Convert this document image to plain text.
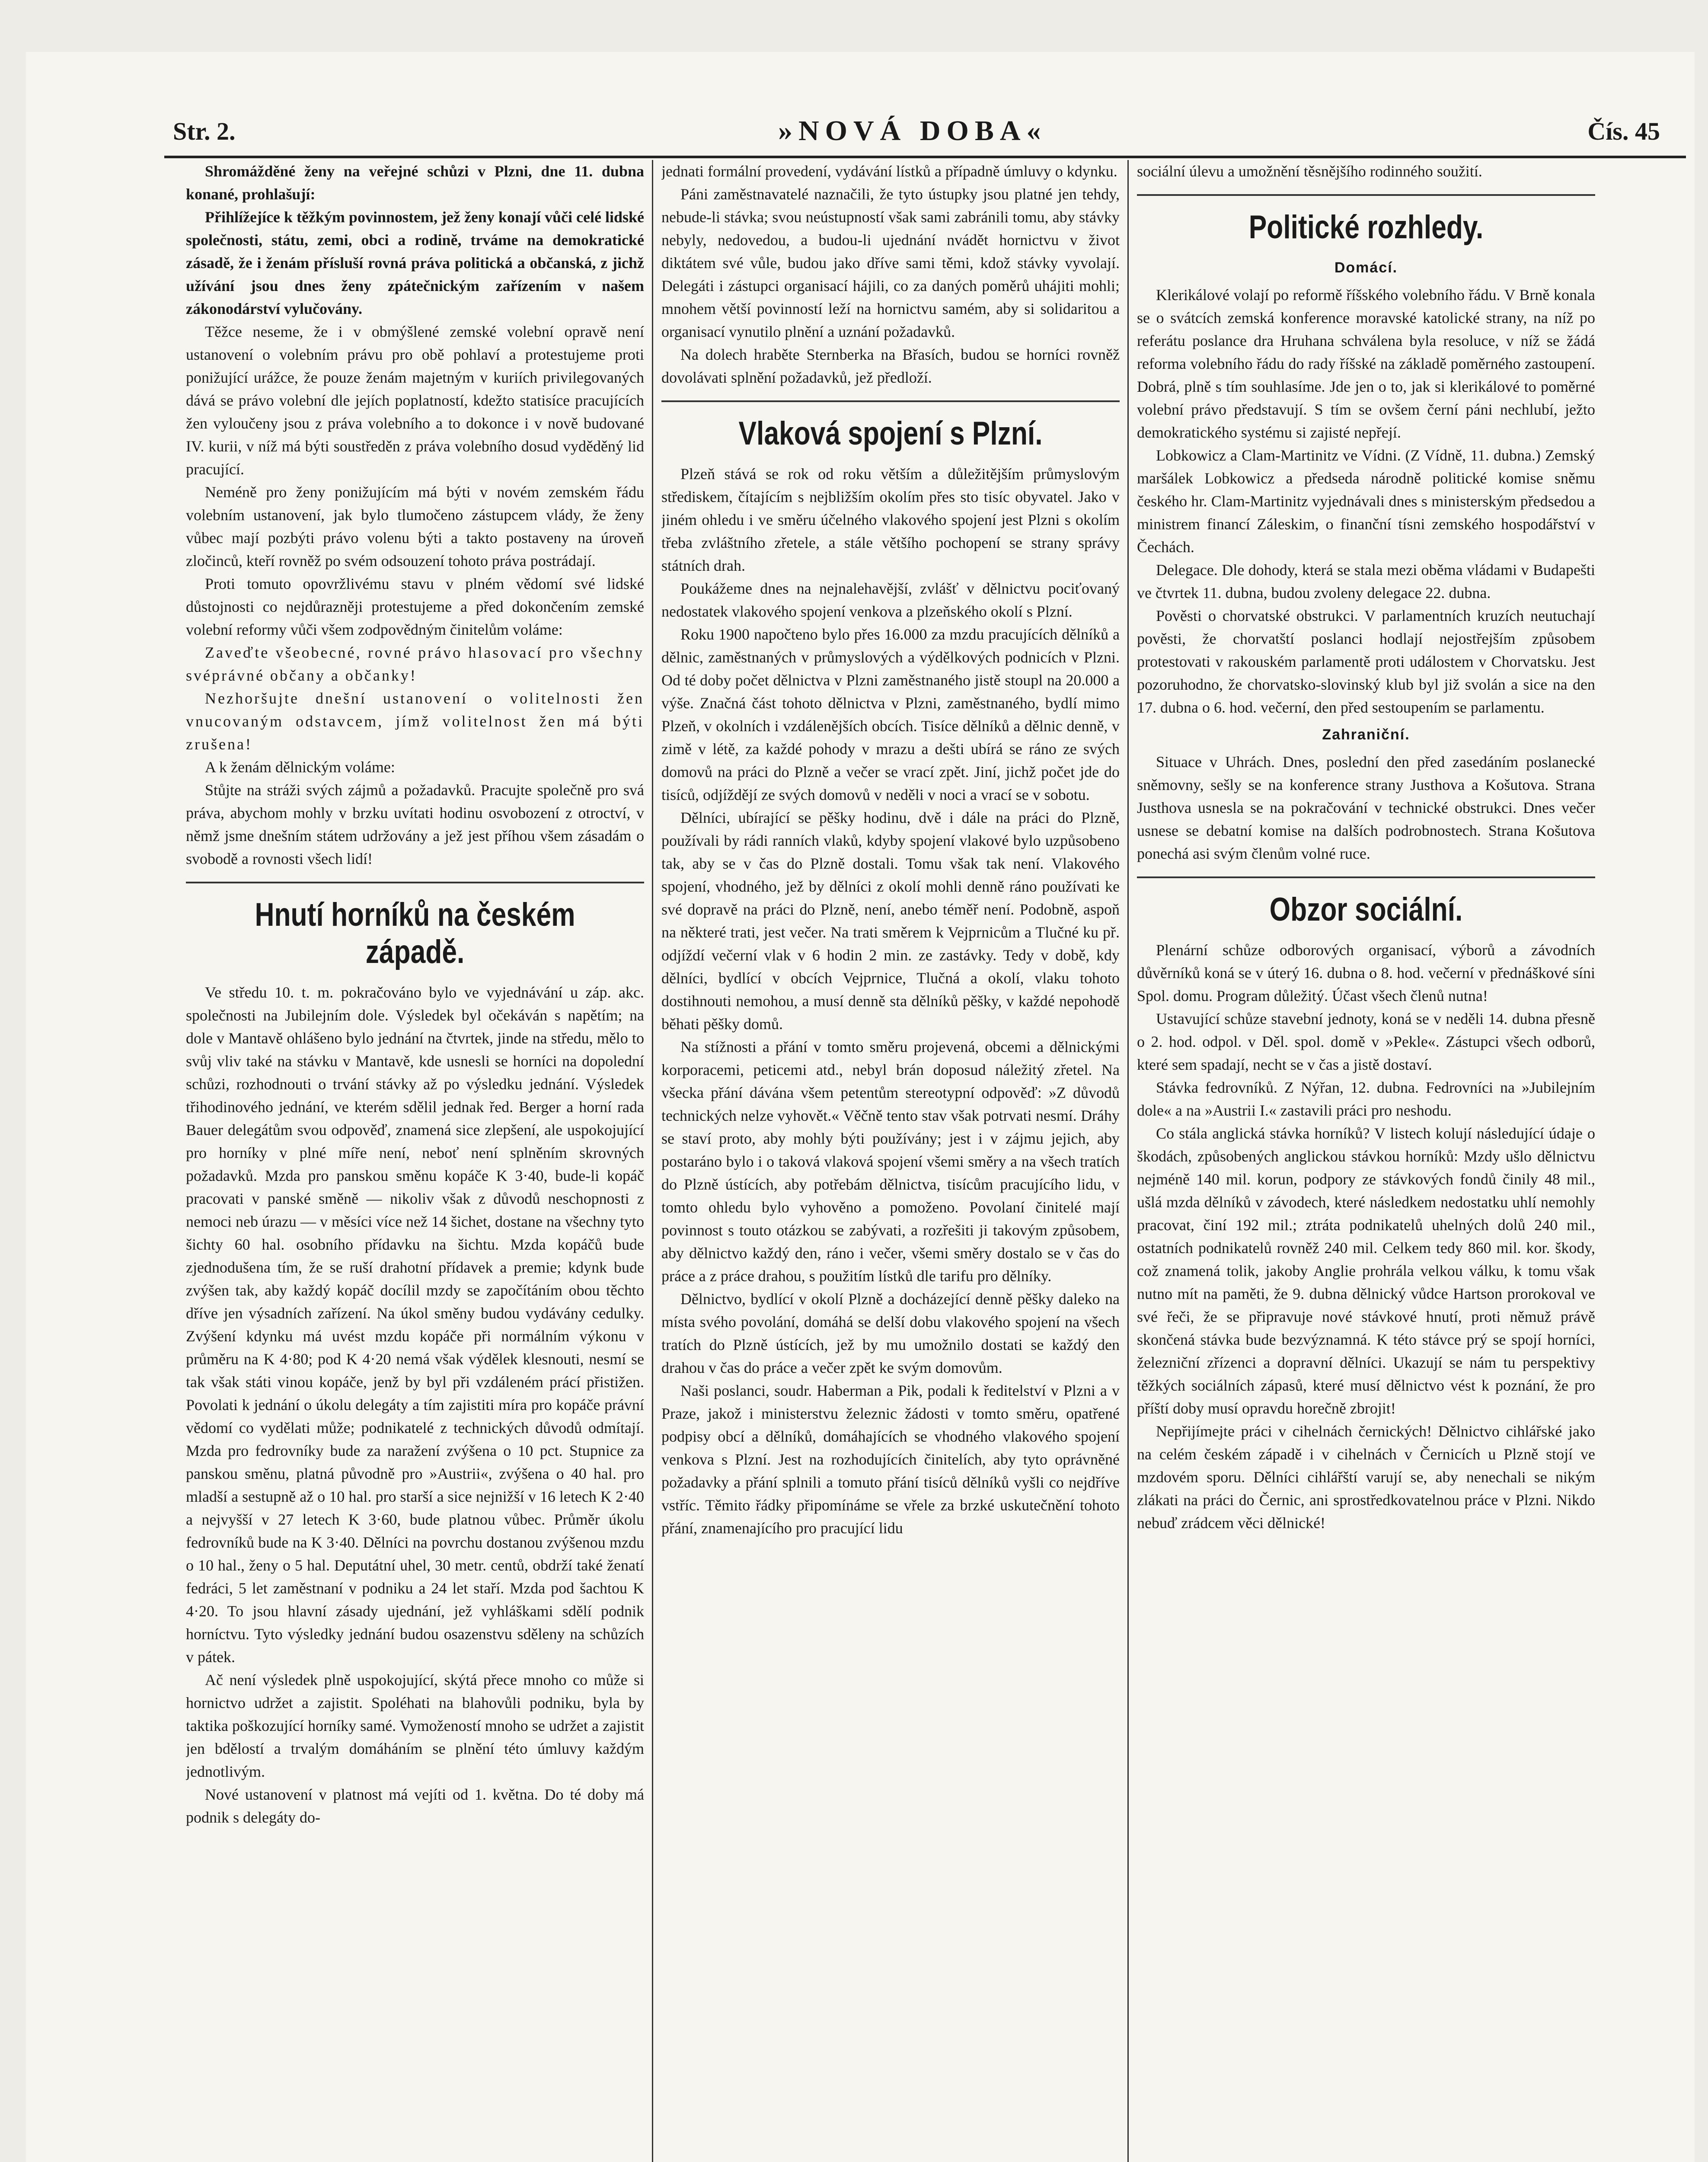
Str. 2.	»NOVÁ DOBA«	Čís. 45

Shromážděné ženy na veřejné schůzi v Plzni, dne 11. dubna konané, prohlašují:

Přihlížejíce k těžkým povinnostem, jež ženy konají vůči celé lidské společnosti, státu, zemi, obci a rodině, trváme na demokratické zásadě, že i ženám přísluší rovná práva politická a občanská, z jichž užívání jsou dnes ženy zpátečnickým zařízením v našem zákonodárství vylučovány.

Těžce neseme, že i v obmýšlené zemské volební opravě není ustanovení o volebním právu pro obě pohlaví a protestujeme proti ponižující urážce, že pouze ženám majetným v kuriích privilegovaných dává se právo volební dle jejích poplatností, kdežto statisíce pracujících žen vyloučeny jsou z práva volebního a to dokonce i v nově budované IV. kurii, v níž má býti soustředěn z práva volebního dosud vyděděný lid pracující.

Neméně pro ženy ponižujícím má býti v novém zemském řádu volebním ustanovení, jak bylo tlumočeno zástupcem vlády, že ženy vůbec mají pozbýti právo volenu býti a takto postaveny na úroveň zločinců, kteří rovněž po svém odsouzení tohoto práva postrádají.

Proti tomuto opovržlivému stavu v plném vědomí své lidské důstojnosti co nejdůrazněji protestujeme a před dokončením zemské volební reformy vůči všem zodpovědným činitelům voláme:

Zaveďte všeobecné, rovné právo hlasovací pro všechny svéprávné občany a občanky!

Nezhoršujte dnešní ustanovení o volitelnosti žen vnucovaným odstavcem, jímž volitelnost žen má býti zrušena!

A k ženám dělnickým voláme:

Stůjte na stráži svých zájmů a požadavků. Pracujte společně pro svá práva, abychom mohly v brzku uvítati hodinu osvobození z otroctví, v němž jsme dnešním státem udržovány a jež jest příhou všem zásadám o svobodě a rovnosti všech lidí!

Hnutí horníků na českém západě.

Ve středu 10. t. m. pokračováno bylo ve vyjednávání u záp. akc. společnosti na Jubilejním dole. Výsledek byl očekáván s napětím; na dole v Mantavě ohlášeno bylo jednání na čtvrtek, jinde na středu, mělo to svůj vliv také na stávku v Mantavě, kde usnesli se horníci na dopolední schůzi, rozhodnouti o trvání stávky až po výsledku jednání. Výsledek třihodinového jednání, ve kterém sdělil jednak řed. Berger a horní rada Bauer delegátům svou odpověď, znamená sice zlepšení, ale uspokojující pro horníky v plné míře není, neboť není splněním skrovných požadavků. Mzda pro panskou směnu kopáče K 3·40, bude-li kopáč pracovati v panské směně — nikoliv však z důvodů neschopnosti z nemoci neb úrazu — v měsíci více než 14 šichet, dostane na všechny tyto šichty 60 hal. osobního přídavku na šichtu. Mzda kopáčů bude zjednodušena tím, že se ruší drahotní přídavek a premie; kdynk bude zvýšen tak, aby každý kopáč docílil mzdy se započítáním obou těchto dříve jen výsadních zařízení. Na úkol směny budou vydávány cedulky. Zvýšení kdynku má uvést mzdu kopáče při normálním výkonu v průměru na K 4·80; pod K 4·20 nemá však výdělek klesnouti, nesmí se tak však státi vinou kopáče, jenž by byl při vzdáleném prácí přistižen. Povolati k jednání o úkolu delegáty a tím zajistiti míra pro kopáče právní vědomí co vydělati může; podnikatelé z technických důvodů odmítají. Mzda pro fedrovníky bude za naražení zvýšena o 10 pct. Stupnice za panskou směnu, platná původně pro »Austrii«, zvýšena o 40 hal. pro mladší a sestupně až o 10 hal. pro starší a sice nejnižší v 16 letech K 2·40 a nejvyšší v 27 letech K 3·60, bude platnou vůbec. Průměr úkolu fedrovníků bude na K 3·40. Dělníci na povrchu dostanou zvýšenou mzdu o 10 hal., ženy o 5 hal. Deputátní uhel, 30 metr. centů, obdrží také ženatí fedráci, 5 let zaměstnaní v podniku a 24 let staří. Mzda pod šachtou K 4·20. To jsou hlavní zásady ujednání, jež vyhláškami sdělí podnik horníctvu. Tyto výsledky jednání budou osazenstvu sděleny na schůzích v pátek.

Ač není výsledek plně uspokojující, skýtá přece mnoho co může si hornictvo udržet a zajistit. Spoléhati na blahovůli podniku, byla by taktika poškozující horníky samé. Vymožeností mnoho se udržet a zajistit jen bdělostí a trvalým domáháním se plnění této úmluvy každým jednotlivým.

Nové ustanovení v platnost má vejíti od 1. května. Do té doby má podnik s delegáty do-

jednati formální provedení, vydávání lístků a případně úmluvy o kdynku.

Páni zaměstnavatelé naznačili, že tyto ústupky jsou platné jen tehdy, nebude-li stávka; svou neústupností však sami zabránili tomu, aby stávky nebyly, nedovedou, a budou-li ujednání nvádět hornictvu v život diktátem své vůle, budou jako dříve sami těmi, kdož stávky vyvolají. Delegáti i zástupci organisací hájili, co za daných poměrů uhájiti mohli; mnohem větší povinností leží na hornictvu samém, aby si solidaritou a organisací vynutilo plnění a uznání požadavků.

Na dolech hraběte Sternberka na Břasích, budou se horníci rovněž dovolávati splnění požadavků, jež předloží.

Vlaková spojení s Plzní.

Plzeň stává se rok od roku větším a důležitějším průmyslovým střediskem, čítajícím s nejbližším okolím přes sto tisíc obyvatel. Jako v jiném ohledu i ve směru účelného vlakového spojení jest Plzni s okolím třeba zvláštního zřetele, a stále většího pochopení se strany správy státních drah.

Poukážeme dnes na nejnalehavější, zvlášť v dělnictvu pociťovaný nedostatek vlakového spojení venkova a plzeňského okolí s Plzní.

Roku 1900 napočteno bylo přes 16.000 za mzdu pracujících dělníků a dělnic, zaměstnaných v průmyslových a výdělkových podnicích v Plzni. Od té doby počet dělnictva v Plzni zaměstnaného jistě stoupl na 20.000 a výše. Značná část tohoto dělnictva v Plzni, zaměstnaného, bydlí mimo Plzeň, v okolních i vzdálenějších obcích. Tisíce dělníků a dělnic denně, v zimě v létě, za každé pohody v mrazu a dešti ubírá se ráno ze svých domovů na práci do Plzně a večer se vrací zpět. Jiní, jichž počet jde do tisíců, odjíždějí ze svých domovů v neděli v noci a vrací se v sobotu.

Dělníci, ubírající se pěšky hodinu, dvě i dále na práci do Plzně, používali by rádi ranních vlaků, kdyby spojení vlakové bylo uzpůsobeno tak, aby se v čas do Plzně dostali. Tomu však tak není. Vlakového spojení, vhodného, jež by dělníci z okolí mohli denně ráno používati ke své dopravě na práci do Plzně, není, anebo téměř není. Podobně, aspoň na některé trati, jest večer. Na trati směrem k Vejprnicům a Tlučné ku př. odjíždí večerní vlak v 6 hodin 2 min. ze zastávky. Tedy v době, kdy dělníci, bydlící v obcích Vejprnice, Tlučná a okolí, vlaku tohoto dostihnouti nemohou, a musí denně sta dělníků pěšky, v každé nepohodě běhati pěšky domů.

Na stížnosti a přání v tomto směru projevená, obcemi a dělnickými korporacemi, peticemi atd., nebyl brán doposud náležitý zřetel. Na všecka přání dávána všem petentům stereotypní odpověď: »Z důvodů technických nelze vyhovět.« Věčně tento stav však potrvati nesmí. Dráhy se staví proto, aby mohly býti používány; jest i v zájmu jejich, aby postaráno bylo i o taková vlaková spojení všemi směry a na všech tratích do Plzně ústících, aby potřebám dělnictva, tisícům pracujícího lidu, v tomto ohledu bylo vyhověno a pomoženo. Povolaní činitelé mají povinnost s touto otázkou se zabývati, a rozřešiti ji takovým způsobem, aby dělnictvo každý den, ráno i večer, všemi směry dostalo se v čas do práce a z práce drahou, s použitím lístků dle tarifu pro dělníky.

Dělnictvo, bydlící v okolí Plzně a docházející denně pěšky daleko na místa svého povolání, domáhá se delší dobu vlakového spojení na všech tratích do Plzně ústících, jež by mu umožnilo dostati se každý den drahou v čas do práce a večer zpět ke svým domovům.

Naši poslanci, soudr. Haberman a Pik, podali k ředitelství v Plzni a v Praze, jakož i ministerstvu železnic žádosti v tomto směru, opatřené podpisy obcí a dělníků, domáhajících se vhodného vlakového spojení venkova s Plzní. Jest na rozhodujících činitelích, aby tyto oprávněné požadavky a přání splnili a tomuto přání tisíců dělníků vyšli co nejdříve vstříc. Těmito řádky připomínáme se vřele za brzké uskutečnění tohoto přání, znamenajícího pro pracující lidu

sociální úlevu a umožnění těsnějšího rodinného soužití.

Politické rozhledy.
Domácí.

Klerikálové volají po reformě říšského volebního řádu. V Brně konala se o svátcích zemská konference moravské katolické strany, na níž po referátu poslance dra Hruhana schválena byla resoluce, v níž se žádá reforma volebního řádu do rady říšské na základě poměrného zastoupení. Dobrá, plně s tím souhlasíme. Jde jen o to, jak si klerikálové to poměrné volební právo představují. S tím se ovšem černí páni nechlubí, ježto demokratického systému si zajisté nepřejí.

Lobkowicz a Clam-Martinitz ve Vídni. (Z Vídně, 11. dubna.) Zemský maršálek Lobkowicz a předseda národně politické komise sněmu českého hr. Clam-Martinitz vyjednávali dnes s ministerským předsedou a ministrem financí Záleskim, o finanční tísni zemského hospodářství v Čechách.

Delegace. Dle dohody, která se stala mezi oběma vládami v Budapešti ve čtvrtek 11. dubna, budou zvoleny delegace 22. dubna.

Pověsti o chorvatské obstrukci. V parlamentních kruzích neutuchají pověsti, že chorvatští poslanci hodlají nejostřejším způsobem protestovati v rakouském parlamentě proti událostem v Chorvatsku. Jest pozoruhodno, že chorvatsko-slovinský klub byl již svolán a sice na den 17. dubna o 6. hod. večerní, den před sestoupením se parlamentu.

Zahraniční.

Situace v Uhrách. Dnes, poslední den před zasedáním poslanecké sněmovny, sešly se na konference strany Justhova a Košutova. Strana Justhova usnesla se na pokračování v technické obstrukci. Dnes večer usnese se debatní komise na dalších podrobnostech. Strana Košutova ponechá asi svým členům volné ruce.

Obzor sociální.

Plenární schůze odborových organisací, výborů a závodních důvěrníků koná se v úterý 16. dubna o 8. hod. večerní v přednáškové síni Spol. domu. Program důležitý. Účast všech členů nutna!

Ustavující schůze stavební jednoty, koná se v neděli 14. dubna přesně o 2. hod. odpol. v Děl. spol. domě v »Pekle«. Zástupci všech odborů, které sem spadají, necht se v čas a jistě dostaví.

Stávka fedrovníků. Z Nýřan, 12. dubna. Fedrovníci na »Jubilejním dole« a na »Austrii I.« zastavili práci pro neshodu.

Co stála anglická stávka horníků? V listech kolují následující údaje o škodách, způsobených anglickou stávkou horníků: Mzdy ušlo dělnictvu nejméně 140 mil. korun, podpory ze stávkových fondů činily 48 mil., ušlá mzda dělníků v závodech, které následkem nedostatku uhlí nemohly pracovat, činí 192 mil.; ztráta podnikatelů uhelných dolů 240 mil., ostatních podnikatelů rovněž 240 mil. Celkem tedy 860 mil. kor. škody, což znamená tolik, jakoby Anglie prohrála velkou válku, k tomu však nutno mít na paměti, že 9. dubna dělnický vůdce Hartson prorokoval ve své řeči, že se připravuje nové stávkové hnutí, proti němuž právě skončená stávka bude bezvýznamná. K této stávce prý se spojí horníci, železniční zřízenci a dopravní dělníci. Ukazují se nám tu perspektivy těžkých sociálních zápasů, které musí dělnictvo vést k poznání, že pro příští doby musí opravdu horečně zbrojit!

Nepřijímejte práci v cihelnách černických! Dělnictvo cihlářské jako na celém českém západě i v cihelnách v Černicích u Plzně stojí ve mzdovém sporu. Dělníci cihlářští varují se, aby nenechali se nikým zlákati na práci do Černic, ani sprostředkovatelnou práce v Plzni. Nikdo nebuď zrádcem věci dělnické!
